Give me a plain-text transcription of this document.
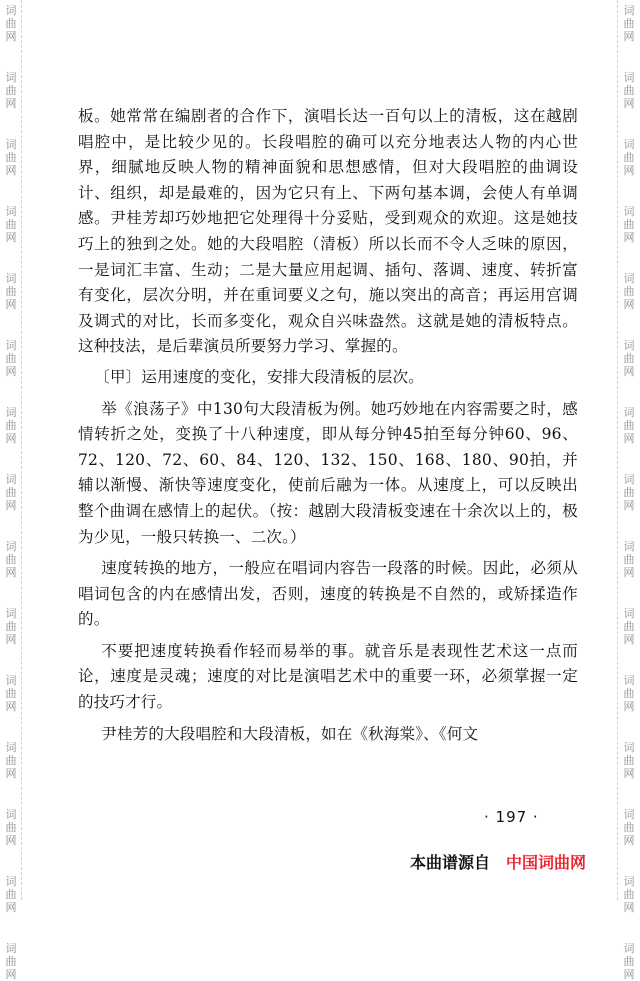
词
曲
网
词
曲
网
词
曲
网
词
曲
网
词
曲
网
词
曲
网
词
曲
网
词
曲
网
词
曲
网
词
曲
网
词
曲
网
词
曲
网
词
曲
网
词
曲
网
词
曲
网
词
曲
网
词
曲
网
词
曲
网
词
曲
网
词
曲
网
词
曲
网
词
曲
网
词
曲
网
词
曲
网
词
曲
网
词
曲
网
词
曲
网
词
曲
网
词
曲
网
词
曲
网

板。她常常在编剧者的合作下，演唱长达一百句以上的清板，这在越剧唱腔中，是比较少见的。长段唱腔的确可以充分地表达人物的内心世界，细腻地反映人物的精神面貌和思想感情，但对大段唱腔的曲调设计、组织，却是最难的，因为它只有上、下两句基本调，会使人有单调感。尹桂芳却巧妙地把它处理得十分妥贴，受到观众的欢迎。这是她技巧上的独到之处。她的大段唱腔（清板）所以长而不令人乏味的原因，一是词汇丰富、生动；二是大量应用起调、插句、落调、速度、转折富有变化，层次分明，并在重词要义之句，施以突出的高音；再运用宫调及调式的对比，长而多变化，观众自兴味盎然。这就是她的清板特点。这种技法，是后辈演员所要努力学习、掌握的。

〔甲〕运用速度的变化，安排大段清板的层次。

举《浪荡子》中130句大段清板为例。她巧妙地在内容需要之时，感情转折之处，变换了十八种速度，即从每分钟45拍至每分钟60、96、72、120、72、60、84、120、132、150、168、180、90拍，并辅以渐慢、渐快等速度变化，使前后融为一体。从速度上，可以反映出整个曲调在感情上的起伏。（按：越剧大段清板变速在十余次以上的，极为少见，一般只转换一、二次。）

速度转换的地方，一般应在唱词内容告一段落的时候。因此，必须从唱词包含的内在感情出发，否则，速度的转换是不自然的，或矫揉造作的。

不要把速度转换看作轻而易举的事。就音乐是表现性艺术这一点而论，速度是灵魂；速度的对比是演唱艺术中的重要一环，必须掌握一定的技巧才行。

尹桂芳的大段唱腔和大段清板，如在《秋海棠》、《何文

· 197 ·
本曲谱源自 中国词曲网
